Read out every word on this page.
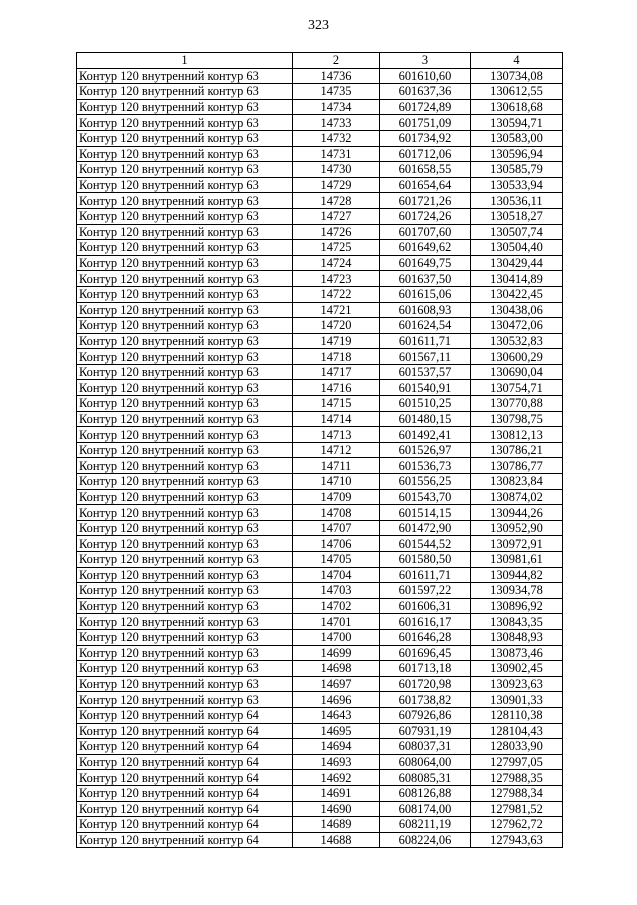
323
1	2	3	4
Контур 120 внутренний контур 63	14736	601610,60	130734,08
Контур 120 внутренний контур 63	14735	601637,36	130612,55
Контур 120 внутренний контур 63	14734	601724,89	130618,68
Контур 120 внутренний контур 63	14733	601751,09	130594,71
Контур 120 внутренний контур 63	14732	601734,92	130583,00
Контур 120 внутренний контур 63	14731	601712,06	130596,94
Контур 120 внутренний контур 63	14730	601658,55	130585,79
Контур 120 внутренний контур 63	14729	601654,64	130533,94
Контур 120 внутренний контур 63	14728	601721,26	130536,11
Контур 120 внутренний контур 63	14727	601724,26	130518,27
Контур 120 внутренний контур 63	14726	601707,60	130507,74
Контур 120 внутренний контур 63	14725	601649,62	130504,40
Контур 120 внутренний контур 63	14724	601649,75	130429,44
Контур 120 внутренний контур 63	14723	601637,50	130414,89
Контур 120 внутренний контур 63	14722	601615,06	130422,45
Контур 120 внутренний контур 63	14721	601608,93	130438,06
Контур 120 внутренний контур 63	14720	601624,54	130472,06
Контур 120 внутренний контур 63	14719	601611,71	130532,83
Контур 120 внутренний контур 63	14718	601567,11	130600,29
Контур 120 внутренний контур 63	14717	601537,57	130690,04
Контур 120 внутренний контур 63	14716	601540,91	130754,71
Контур 120 внутренний контур 63	14715	601510,25	130770,88
Контур 120 внутренний контур 63	14714	601480,15	130798,75
Контур 120 внутренний контур 63	14713	601492,41	130812,13
Контур 120 внутренний контур 63	14712	601526,97	130786,21
Контур 120 внутренний контур 63	14711	601536,73	130786,77
Контур 120 внутренний контур 63	14710	601556,25	130823,84
Контур 120 внутренний контур 63	14709	601543,70	130874,02
Контур 120 внутренний контур 63	14708	601514,15	130944,26
Контур 120 внутренний контур 63	14707	601472,90	130952,90
Контур 120 внутренний контур 63	14706	601544,52	130972,91
Контур 120 внутренний контур 63	14705	601580,50	130981,61
Контур 120 внутренний контур 63	14704	601611,71	130944,82
Контур 120 внутренний контур 63	14703	601597,22	130934,78
Контур 120 внутренний контур 63	14702	601606,31	130896,92
Контур 120 внутренний контур 63	14701	601616,17	130843,35
Контур 120 внутренний контур 63	14700	601646,28	130848,93
Контур 120 внутренний контур 63	14699	601696,45	130873,46
Контур 120 внутренний контур 63	14698	601713,18	130902,45
Контур 120 внутренний контур 63	14697	601720,98	130923,63
Контур 120 внутренний контур 63	14696	601738,82	130901,33
Контур 120 внутренний контур 64	14643	607926,86	128110,38
Контур 120 внутренний контур 64	14695	607931,19	128104,43
Контур 120 внутренний контур 64	14694	608037,31	128033,90
Контур 120 внутренний контур 64	14693	608064,00	127997,05
Контур 120 внутренний контур 64	14692	608085,31	127988,35
Контур 120 внутренний контур 64	14691	608126,88	127988,34
Контур 120 внутренний контур 64	14690	608174,00	127981,52
Контур 120 внутренний контур 64	14689	608211,19	127962,72
Контур 120 внутренний контур 64	14688	608224,06	127943,63
